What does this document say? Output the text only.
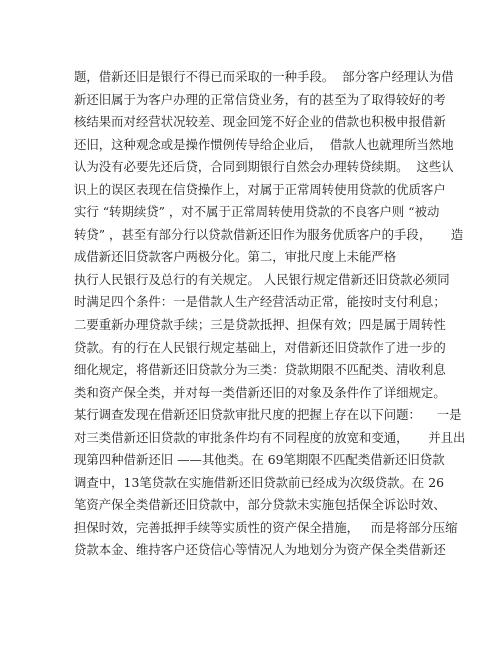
题，借新还旧是银行不得已而采取的一种手段。  部分客户经理认为借
新还旧属于为客户办理的正常信贷业务，有的甚至为了取得较好的考
核结果而对经营状况较差、现金回笼不好企业的借款也积极申报借新
还旧，这种观念或是操作惯例传导给企业后，  借款人也就理所当然地
认为没有必要先还后贷，合同到期银行自然会办理转贷续期。  这些认
识上的误区表现在信贷操作上，对属于正常周转使用贷款的优质客户
实行 “转期续贷” ，对不属于正常周转使用贷款的不良客户则 “被动
转贷” ，甚至有部分行以贷款借新还旧作为服务优质客户的手段，     造
成借新还旧贷款客户两极分化。第二，审批尺度上未能严格
执行人民银行及总行的有关规定。 人民银行规定借新还旧贷款必须同
时满足四个条件：一是借款人生产经营活动正常，能按时支付利息；
二要重新办理贷款手续；三是贷款抵押、担保有效；四是属于周转性
贷款。有的行在人民银行规定基础上，对借新还旧贷款作了进一步的
细化规定，将借新还旧贷款分为三类：贷款期限不匹配类、清收利息
类和资产保全类，并对每一类借新还旧的对象及条件作了详细规定。
某行调查发现在借新还旧贷款审批尺度的把握上存在以下问题：    一是
对三类借新还旧贷款的审批条件均有不同程度的放宽和变通，     并且出
现第四种借新还旧 ——其他类。在 69笔期限不匹配类借新还旧贷款
调查中，13笔贷款在实施借新还旧贷款前已经成为次级贷款。在 26
笔资产保全类借新还旧贷款中，部分贷款未实施包括保全诉讼时效、
担保时效，完善抵押手续等实质性的资产保全措施，   而是将部分压缩
贷款本金、维持客户还贷信心等情况人为地划分为资产保全类借新还
